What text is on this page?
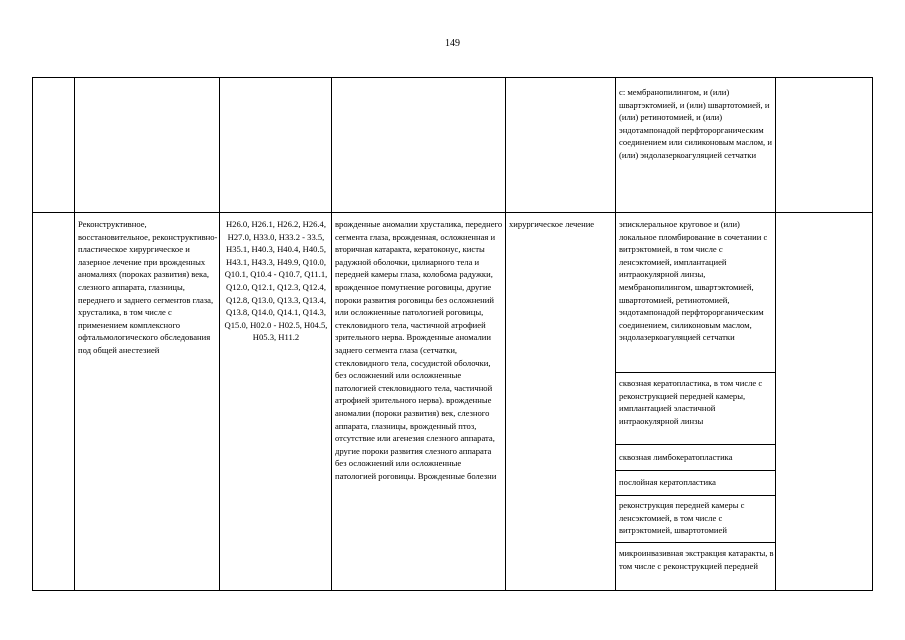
149
с: мембранопилингом, и (или) швартэктомией, и (или) швартотомией, и (или) ретинотомией, и (или) эндотампонадой перфторорганическим соединением или силиконовым маслом, и (или) эндолазеркоагуляцией сетчатки
Реконструктивное, восстановительное, реконструктивно-пластическое хирургическое и лазерное лечение при врожденных аномалиях (пороках развития) века, слезного аппарата, глазницы, переднего и заднего сегментов глаза, хрусталика, в том числе с применением комплексного офтальмологического обследования под общей анестезией
H26.0, H26.1, H26.2, H26.4, H27.0, H33.0, H33.2 - 33.5, H35.1, H40.3, H40.4, H40.5, H43.1, H43.3, H49.9, Q10.0, Q10.1, Q10.4 - Q10.7, Q11.1, Q12.0, Q12.1, Q12.3, Q12.4, Q12.8, Q13.0, Q13.3, Q13.4, Q13.8, Q14.0, Q14.1, Q14.3, Q15.0, H02.0 - H02.5, H04.5, H05.3, H11.2
врожденные аномалии хрусталика, переднего сегмента глаза, врожденная, осложненная и вторичная катаракта, кератоконус, кисты радужной оболочки, цилиарного тела и передней камеры глаза, колобома радужки, врожденное помутнение роговицы, другие пороки развития роговицы без осложнений или осложненные патологией роговицы, стекловидного тела, частичной атрофией зрительного нерва. Врожденные аномалии заднего сегмента глаза (сетчатки, стекловидного тела, сосудистой оболочки, без осложнений или осложненные патологией стекловидного тела, частичной атрофией зрительного нерва). врожденные аномалии (пороки развития) век, слезного аппарата, глазницы, врожденный птоз, отсутствие или агенезия слезного аппарата, другие пороки развития слезного аппарата без осложнений или осложненные патологией роговицы. Врожденные болезни
хирургическое лечение	эписклеральное круговое и (или) локальное пломбирование в сочетании с витрэктомией, в том числе с ленсэктомией, имплантацией интраокулярной линзы, мембранопилингом, швартэктомией, швартотомией, ретинотомией, эндотампонадой перфторорганическим соединением, силиконовым маслом, эндолазеркоагуляцией сетчатки
сквозная кератопластика, в том числе с реконструкцией передней камеры, имплантацией эластичной интраокулярной линзы
сквозная лимбокератопластика
послойная кератопластика
реконструкция передней камеры с ленсэктомией, в том числе с витрэктомией, швартотомией
микроинвазивная экстракция катаракты, в том числе с реконструкцией передней
